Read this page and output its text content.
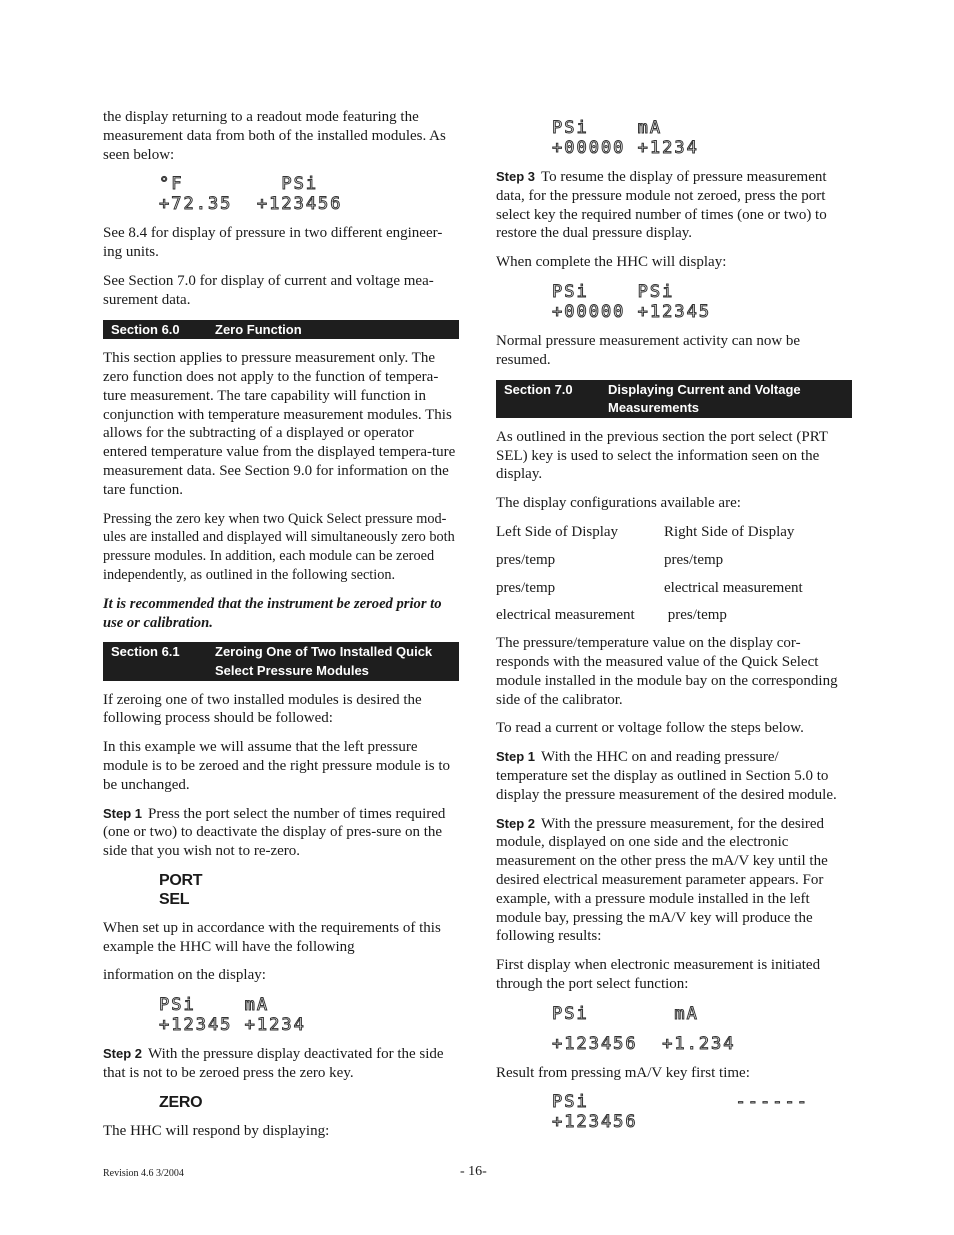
the display returning to a readout mode featuring the measurement data from both of the installed modules. As seen below:

°F        PSi
+72.35  +123456

See 8.4 for display of pressure in two different engineer-ing units.

See Section 7.0 for display of current and voltage mea-surement data.

Section 6.0	Zero Function

This section applies to pressure measurement only. The zero function does not apply to the function of tempera-ture measurement. The tare capability will function in conjunction with temperature measurement modules. This allows for the subtracting of a displayed or operator entered temperature value from the displayed tempera-ture measurement data. See Section 9.0 for information on the tare function.

Pressing the zero key when two Quick Select pressure mod-ules are installed and displayed will simultaneously zero both pressure modules. In addition, each module can be zeroed independently, as outlined in the following section.

It is recommended that the instrument be zeroed prior to use or calibration.

Section 6.1	Zeroing One of Two Installed Quick Select Pressure Modules

If zeroing one of two installed modules is desired the following process should be followed:

In this example we will assume that the left pressure module is to be zeroed and the right pressure module is to be unchanged.

Step 1 Press the port select the number of times required (one or two) to deactivate the display of pres-sure on the side that you wish not to re-zero.

PORT
SEL

When set up in accordance with the requirements of this example the HHC will have the following

information on the display:

PSi    mA
+12345 +1234

Step 2 With the pressure display deactivated for the side that is not to be zeroed press the zero key.

ZERO

The HHC will respond by displaying:

PSi    mA
+00000 +1234

Step 3 To resume the display of pressure measurement data, for the pressure module not zeroed, press the port select key the required number of times (one or two) to restore the dual pressure display.

When complete the HHC will display:

PSi    PSi
+00000 +12345

Normal pressure measurement activity can now be resumed.

Section 7.0	Displaying Current and Voltage Measurements

As outlined in the previous section the port select (PRT SEL) key is used to select the information seen on the display.

The display configurations available are:

Left Side of Display	Right Side of Display
pres/temp	pres/temp
pres/temp	electrical measurement
electrical measurement	pres/temp

The pressure/temperature value on the display cor-responds with the measured value of the Quick Select module installed in the module bay on the corresponding side of the calibrator.

To read a current or voltage follow the steps below.

Step 1 With the HHC on and reading pressure/ temperature set the display as outlined in Section 5.0 to display the pressure measurement of the desired module.

Step 2 With the pressure measurement, for the desired module, displayed on one side and the electronic measurement on the other press the mA/V key until the desired electrical measurement parameter appears. For example, with a pressure module installed in the left module bay, pressing the mA/V key will produce the following results:

First display when electronic measurement is initiated through the port select function:

PSi       mA
+123456  +1.234

Result from pressing mA/V key first time:

PSi            ------
+123456
Revision 4.6 3/2004	- 16-
